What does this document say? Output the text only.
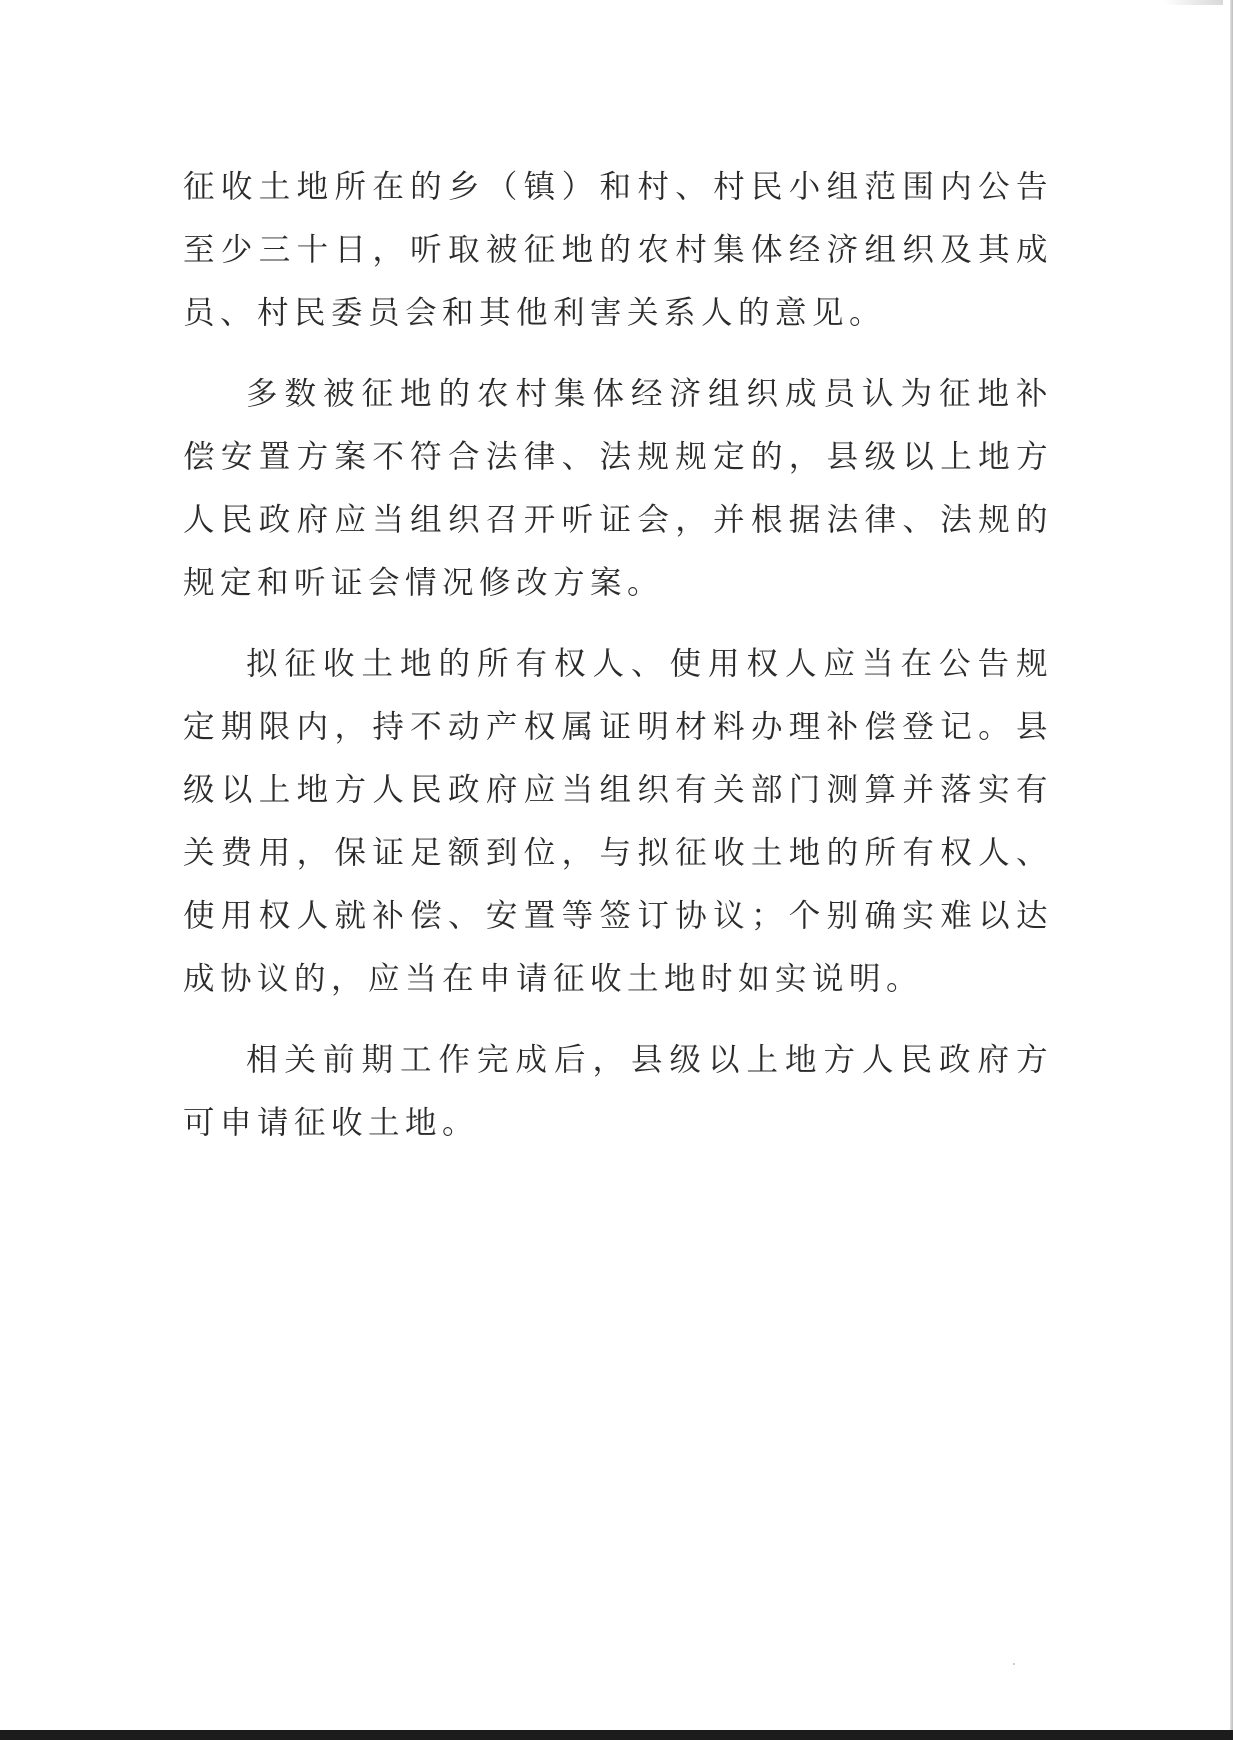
征收土地所在的乡（镇）和村、村民小组范围内公告至少三十日，听取被征地的农村集体经济组织及其成员、村民委员会和其他利害关系人的意见。

多数被征地的农村集体经济组织成员认为征地补偿安置方案不符合法律、法规规定的，县级以上地方人民政府应当组织召开听证会，并根据法律、法规的规定和听证会情况修改方案。

拟征收土地的所有权人、使用权人应当在公告规定期限内，持不动产权属证明材料办理补偿登记。县级以上地方人民政府应当组织有关部门测算并落实有关费用，保证足额到位，与拟征收土地的所有权人、使用权人就补偿、安置等签订协议；个别确实难以达成协议的，应当在申请征收土地时如实说明。

相关前期工作完成后，县级以上地方人民政府方可申请征收土地。
